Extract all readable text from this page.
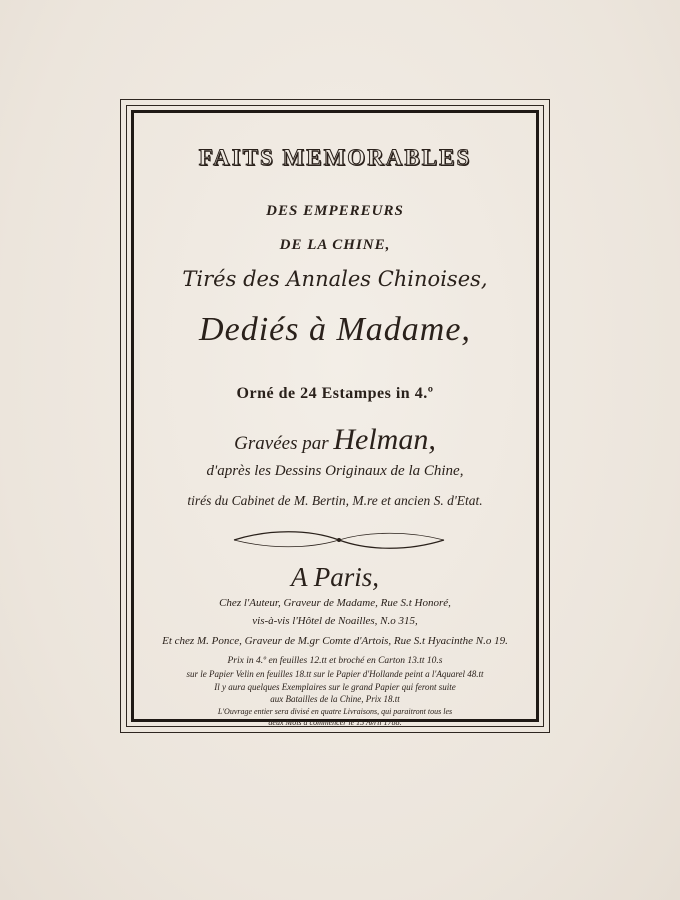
FAITS MEMORABLES
DES EMPEREURS
DE LA CHINE,
Tirés des Annales Chinoises,
Dediés à Madame,
Orné de 24 Estampes in 4.º
Gravées par Helman,
d'après les Dessins Originaux de la Chine,
tirés du Cabinet de M. Bertin, M.re et ancien S. d'Etat.
A Paris,
Chez l'Auteur, Graveur de Madame, Rue S.t Honoré,
vis-à-vis l'Hôtel de Noailles, N.o 315,
Et chez M. Ponce, Graveur de M.gr Comte d'Artois, Rue S.t Hyacinthe N.o 19.
Prix in 4.º en feuilles 12.tt et broché en Carton 13.tt 10.s
sur le Papier Velin en feuilles 18.tt sur le Papier d'Hollande peint a l'Aquarel 48.tt
Il y aura quelques Exemplaires sur le grand Papier qui feront suite
aux Batailles de la Chine, Prix 18.tt
L'Ouvrage entier sera divisé en quatre Livraisons, qui paraitront tous les
deux Mois a commencer le 15 Avril 1788.
